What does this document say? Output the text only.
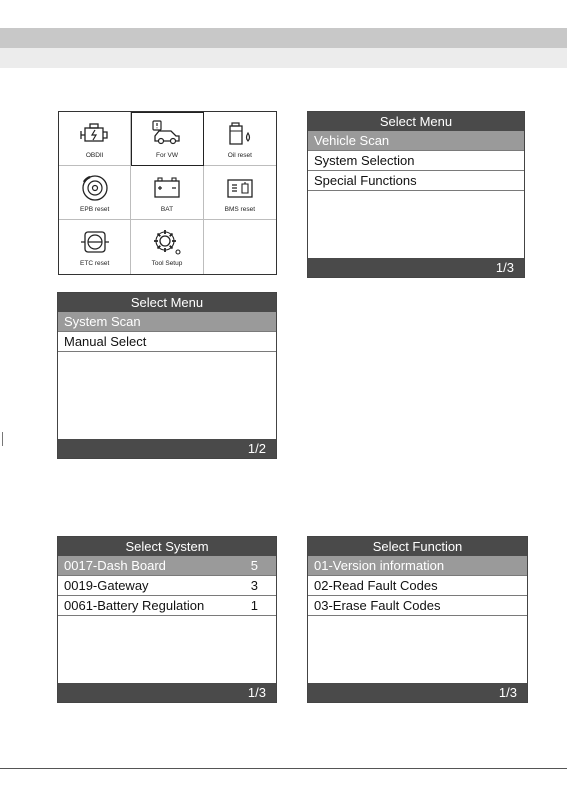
OBDII	For VW	Oil reset
EPB reset	BAT	BMS reset
ETC reset	Tool Setup
Select Menu
Vehicle Scan
System Selection
Special Functions
1/3
Select Menu
System Scan
Manual Select
1/2
Select System
0017-Dash Board	5
0019-Gateway	3
0061-Battery Regulation	1
1/3
Select Function
01-Version information
02-Read Fault Codes
03-Erase Fault Codes
1/3
